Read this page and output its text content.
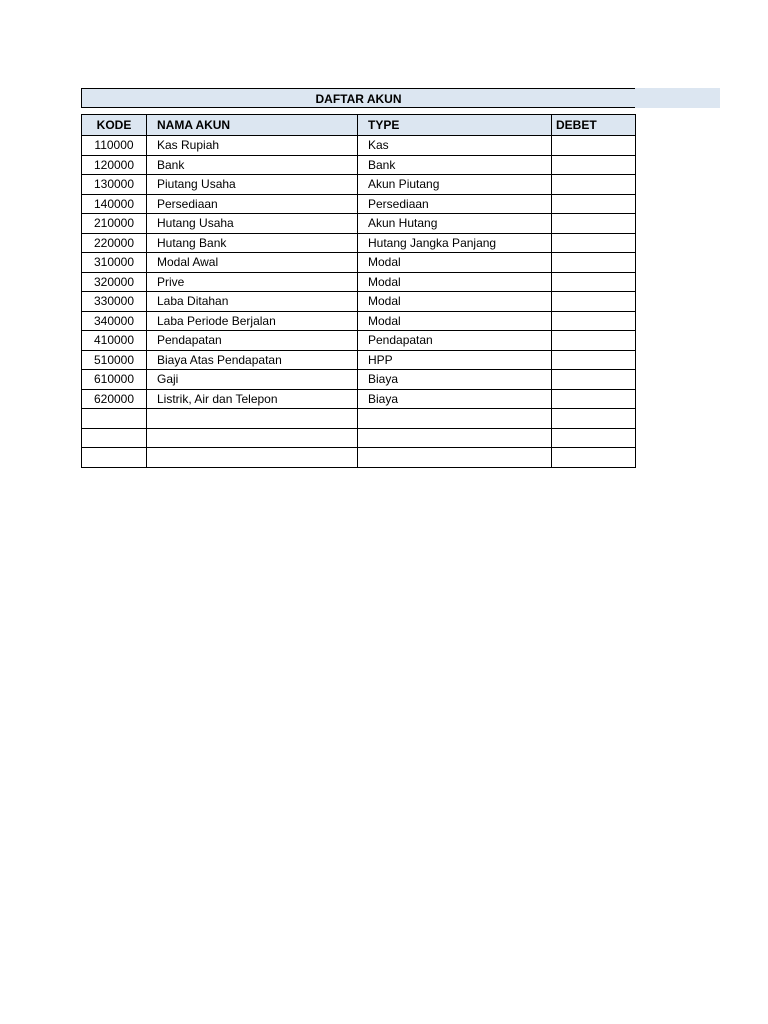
DAFTAR AKUN
KODE	NAMA AKUN	TYPE	DEBET
110000	Kas Rupiah	Kas	
120000	Bank	Bank	
130000	Piutang Usaha	Akun Piutang	
140000	Persediaan	Persediaan	
210000	Hutang Usaha	Akun Hutang	
220000	Hutang Bank	Hutang Jangka Panjang	
310000	Modal Awal	Modal	
320000	Prive	Modal	
330000	Laba Ditahan	Modal	
340000	Laba Periode Berjalan	Modal	
410000	Pendapatan	Pendapatan	
510000	Biaya Atas Pendapatan	HPP	
610000	Gaji	Biaya	
620000	Listrik, Air dan Telepon	Biaya	
